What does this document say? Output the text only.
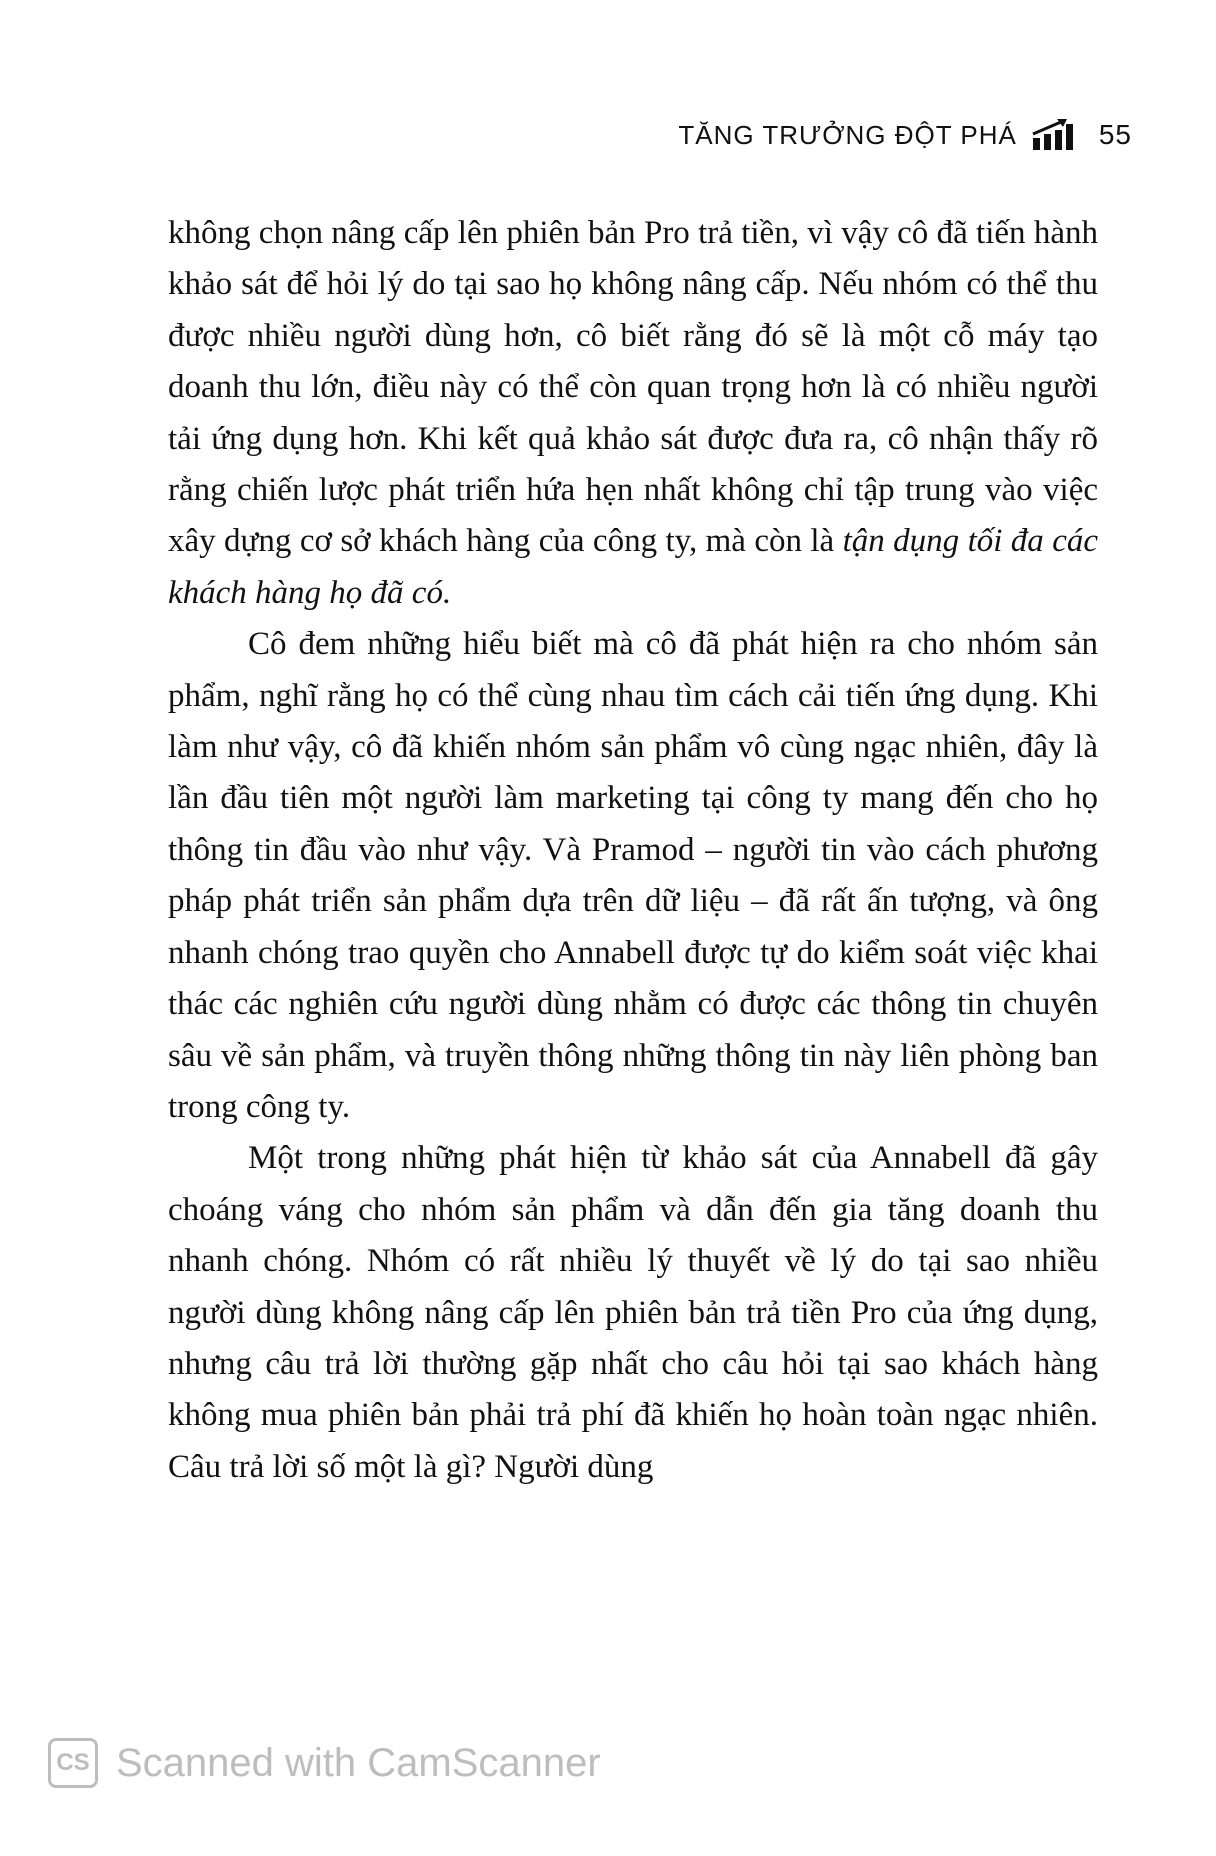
TĂNG TRƯỞNG ĐỘT PHÁ	55

không chọn nâng cấp lên phiên bản Pro trả tiền, vì vậy cô đã tiến hành khảo sát để hỏi lý do tại sao họ không nâng cấp. Nếu nhóm có thể thu được nhiều người dùng hơn, cô biết rằng đó sẽ là một cỗ máy tạo doanh thu lớn, điều này có thể còn quan trọng hơn là có nhiều người tải ứng dụng hơn. Khi kết quả khảo sát được đưa ra, cô nhận thấy rõ rằng chiến lược phát triển hứa hẹn nhất không chỉ tập trung vào việc xây dựng cơ sở khách hàng của công ty, mà còn là tận dụng tối đa các khách hàng họ đã có.

Cô đem những hiểu biết mà cô đã phát hiện ra cho nhóm sản phẩm, nghĩ rằng họ có thể cùng nhau tìm cách cải tiến ứng dụng. Khi làm như vậy, cô đã khiến nhóm sản phẩm vô cùng ngạc nhiên, đây là lần đầu tiên một người làm marketing tại công ty mang đến cho họ thông tin đầu vào như vậy. Và Pramod – người tin vào cách phương pháp phát triển sản phẩm dựa trên dữ liệu – đã rất ấn tượng, và ông nhanh chóng trao quyền cho Annabell được tự do kiểm soát việc khai thác các nghiên cứu người dùng nhằm có được các thông tin chuyên sâu về sản phẩm, và truyền thông những thông tin này liên phòng ban trong công ty.

Một trong những phát hiện từ khảo sát của Annabell đã gây choáng váng cho nhóm sản phẩm và dẫn đến gia tăng doanh thu nhanh chóng. Nhóm có rất nhiều lý thuyết về lý do tại sao nhiều người dùng không nâng cấp lên phiên bản trả tiền Pro của ứng dụng, nhưng câu trả lời thường gặp nhất cho câu hỏi tại sao khách hàng không mua phiên bản phải trả phí đã khiến họ hoàn toàn ngạc nhiên. Câu trả lời số một là gì? Người dùng

CS Scanned with CamScanner
